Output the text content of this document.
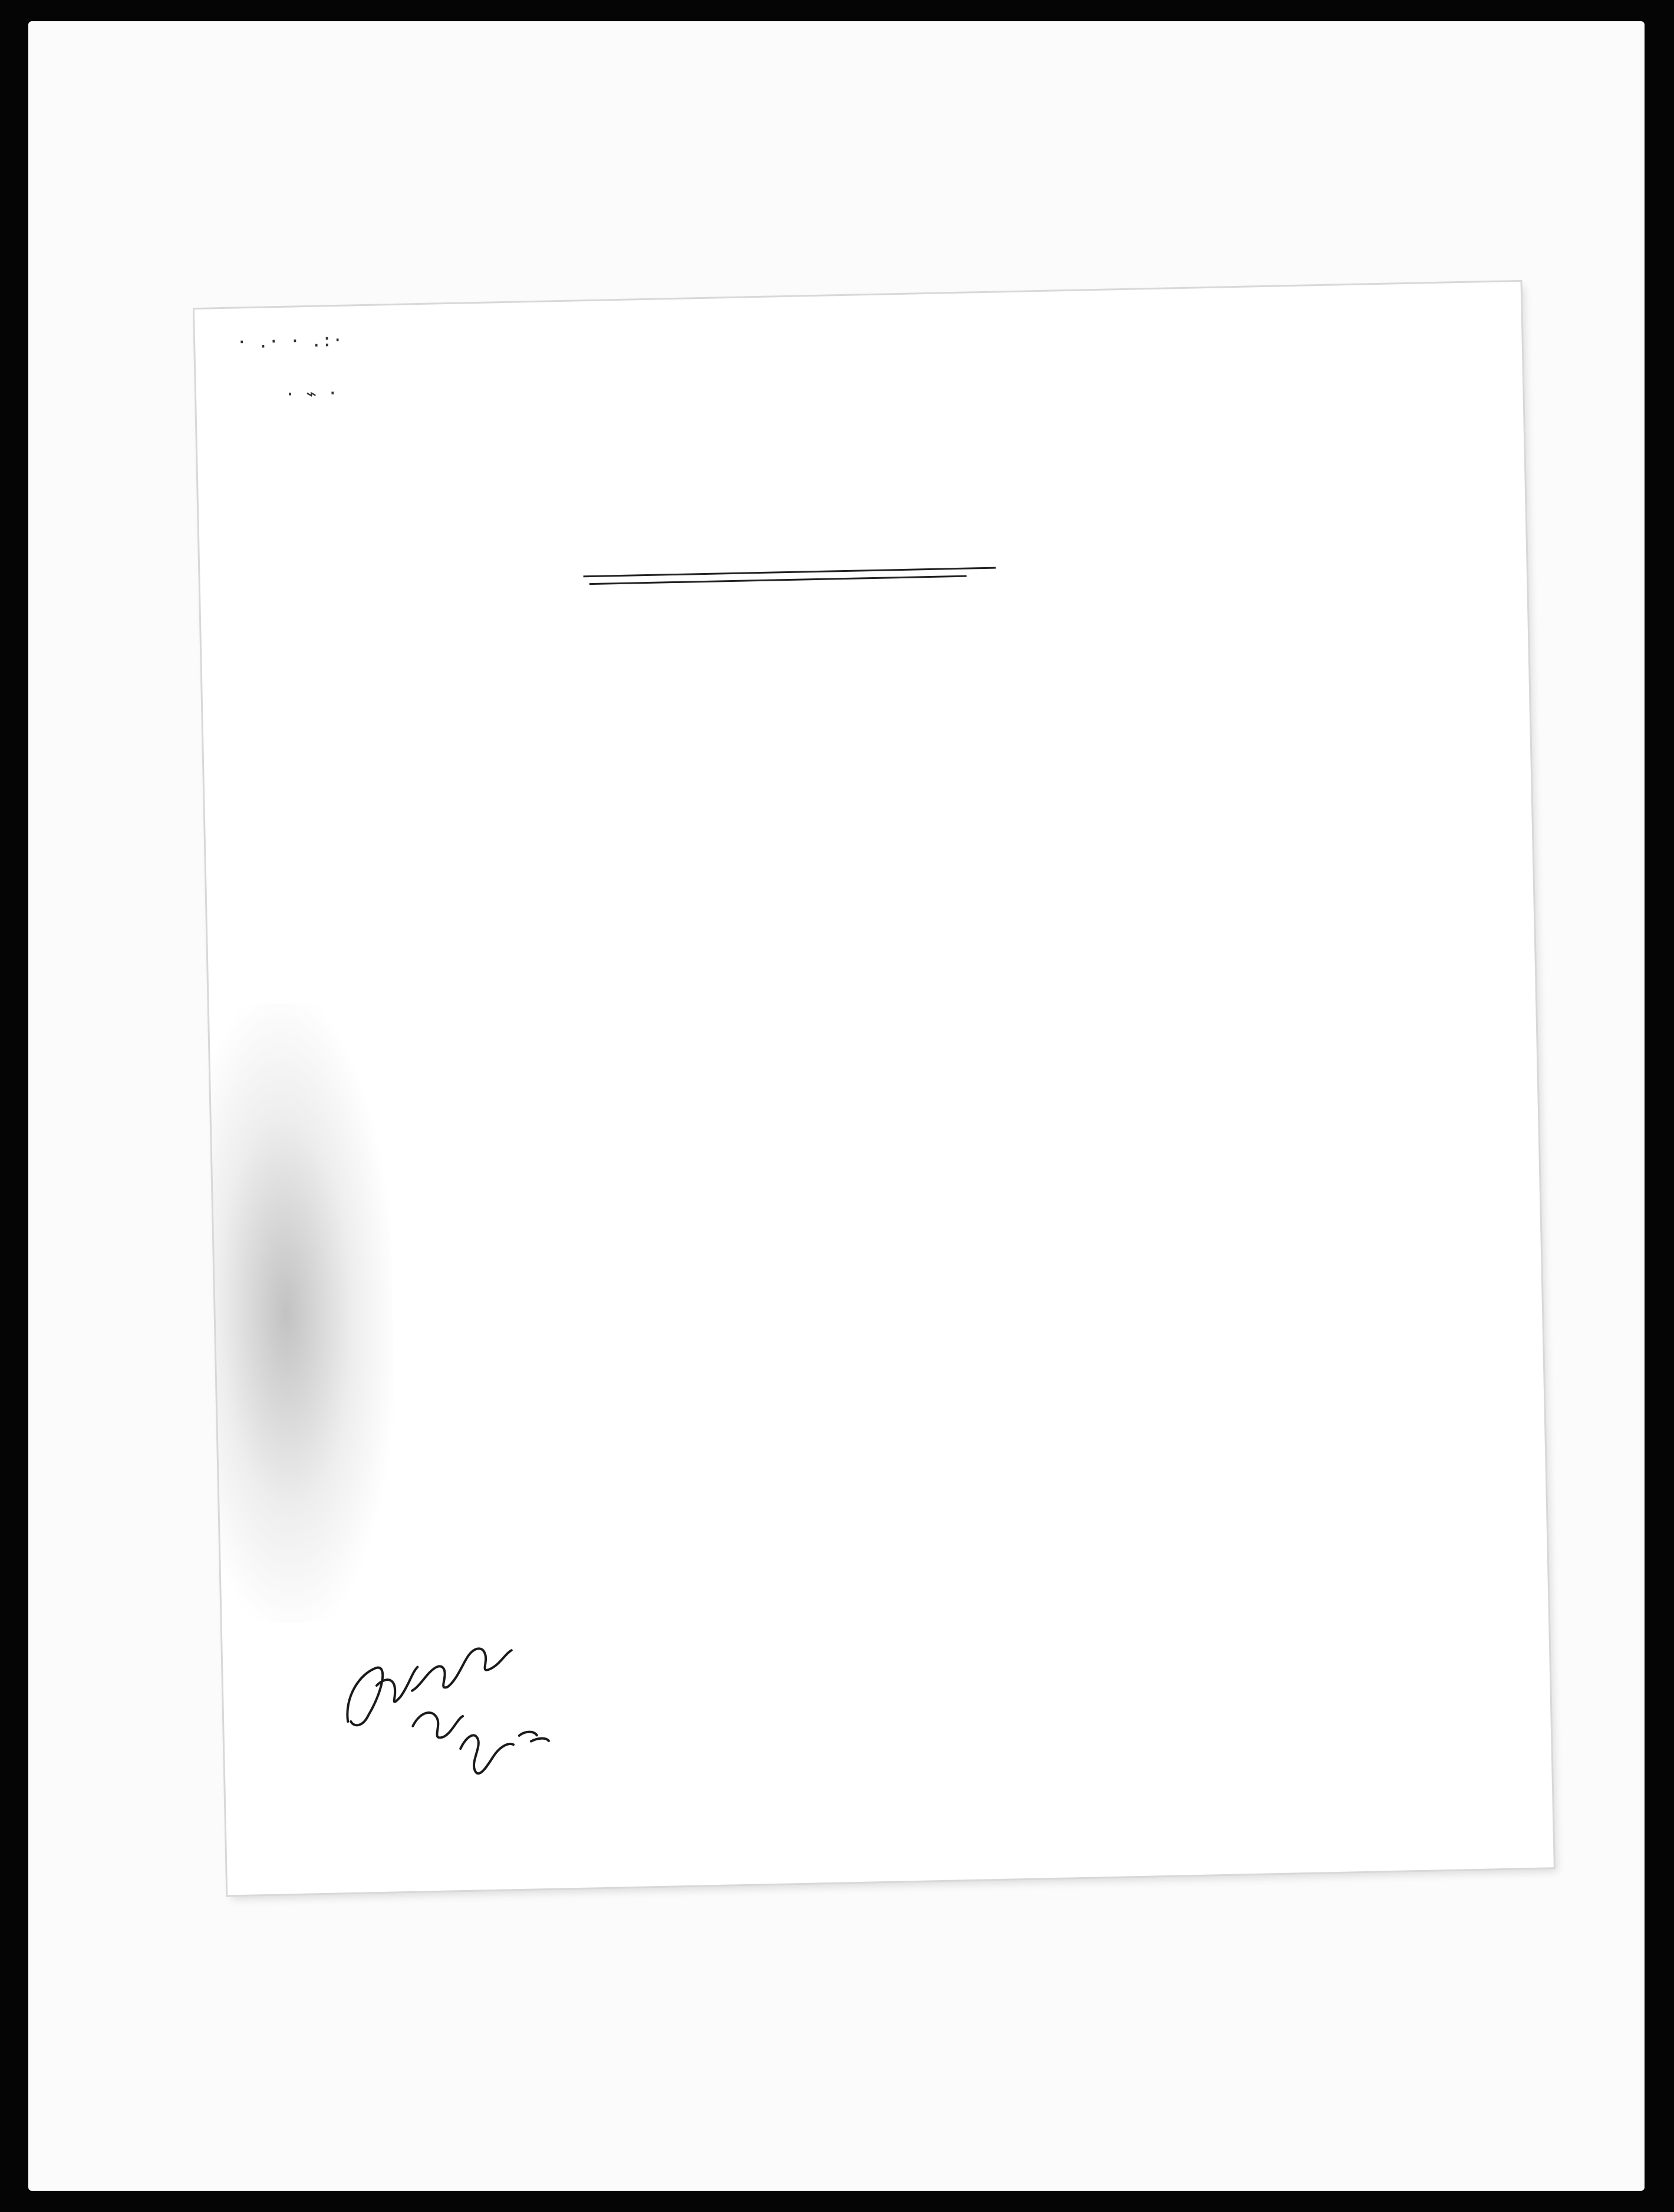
· .· · .:·
· ⌁ ·
